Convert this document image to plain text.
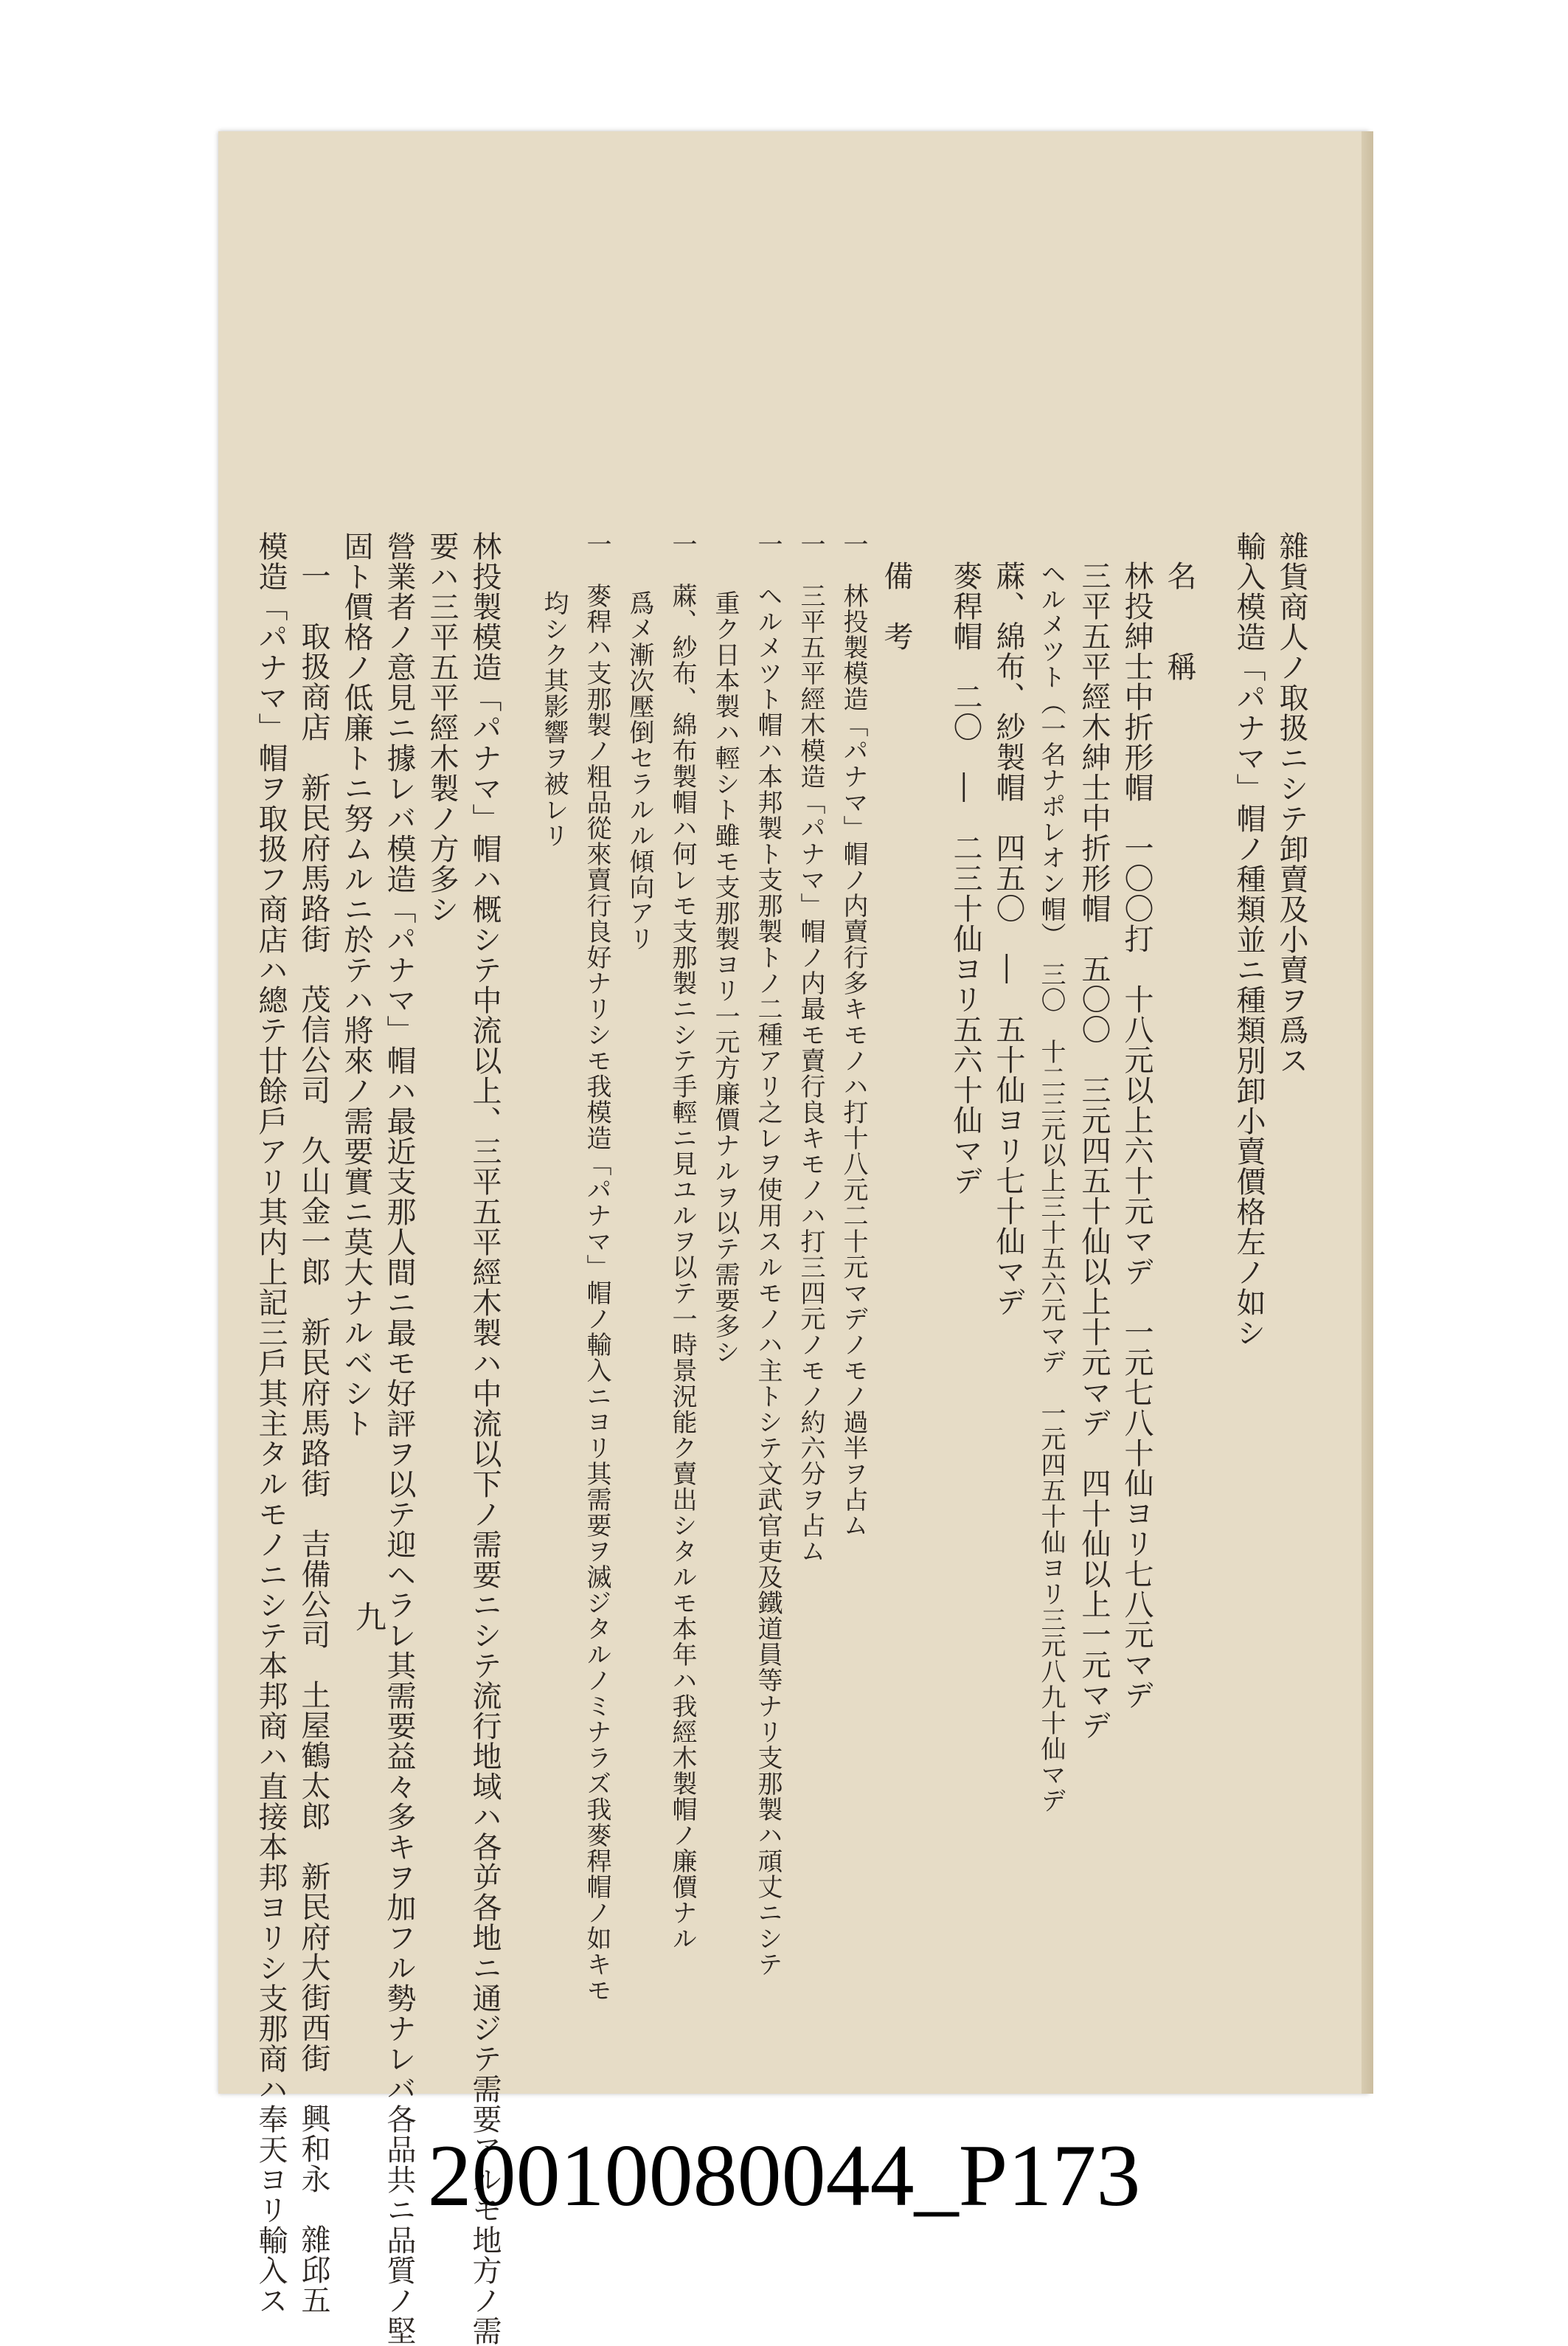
雜貨商人ノ取扱ニシテ卸賣及小賣ヲ爲ス
輸入模造「パナマ」帽ノ種類並ニ種類別卸小賣價格左ノ如シ
名　　稱
林投紳士中折形帽　一〇〇打　十八元以上六十元マデ　一元七八十仙ヨリ七八元マデ
三平五平經木紳士中折形帽　五〇〇　三元四五十仙以上十元マデ　四十仙以上一元マデ
ヘルメツト（一名ナポレオン帽）　三〇　十二三元以上三十五六元マデ　一元四五十仙ヨリ三元八九十仙マデ
蔴、綿布、紗製帽　四五〇　―　五十仙ヨリ七十仙マデ
麥稈帽　二〇　―　二三十仙ヨリ五六十仙マデ
備　考
一　林投製模造「パナマ」帽ノ内賣行多キモノハ打十八元二十元マデノモノ過半ヲ占ム
一　三平五平經木模造「パナマ」帽ノ内最モ賣行良キモノハ打三四元ノモノ約六分ヲ占ム
一　ヘルメツト帽ハ本邦製ト支那製トノ二種アリ之レヲ使用スルモノハ主トシテ文武官吏及鐵道員等ナリ支那製ハ頑丈ニシテ
重ク日本製ハ輕シト雖モ支那製ヨリ一元方廉價ナルヲ以テ需要多シ
一　蔴、紗布、綿布製帽ハ何レモ支那製ニシテ手輕ニ見ユルヲ以テ一時景況能ク賣出シタルモ本年ハ我經木製帽ノ廉價ナル
爲メ漸次壓倒セラルル傾向アリ
一　麥稈ハ支那製ノ粗品從來賣行良好ナリシモ我模造「パナマ」帽ノ輸入ニヨリ其需要ヲ滅ジタルノミナラズ我麥稈帽ノ如キモ
均シク其影響ヲ被レリ
林投製模造「パナマ」帽ハ概シテ中流以上、三平五平經木製ハ中流以下ノ需要ニシテ流行地域ハ各屰各地ニ通ジテ需要アルモ地方ノ需
要ハ三平五平經木製ノ方多シ
營業者ノ意見ニ據レバ模造「パナマ」帽ハ最近支那人間ニ最モ好評ヲ以テ迎ヘラレ其需要益々多キヲ加フル勢ナレバ各品共ニ品質ノ堅
固ト價格ノ低廉トニ努ムルニ於テハ將來ノ需要實ニ莫大ナルベシト
一　取扱商店　新民府馬路街　茂信公司　久山金一郎　新民府馬路街　吉備公司　土屋鶴太郎　新民府大街西街　興和永　雜邱五
模造「パナマ」帽ヲ取扱フ商店ハ總テ廿餘戶アリ其内上記三戶其主タルモノニシテ本邦商ハ直接本邦ヨリシ支那商ハ奉天ヨリ輸入ス 九
20010080044_P173
